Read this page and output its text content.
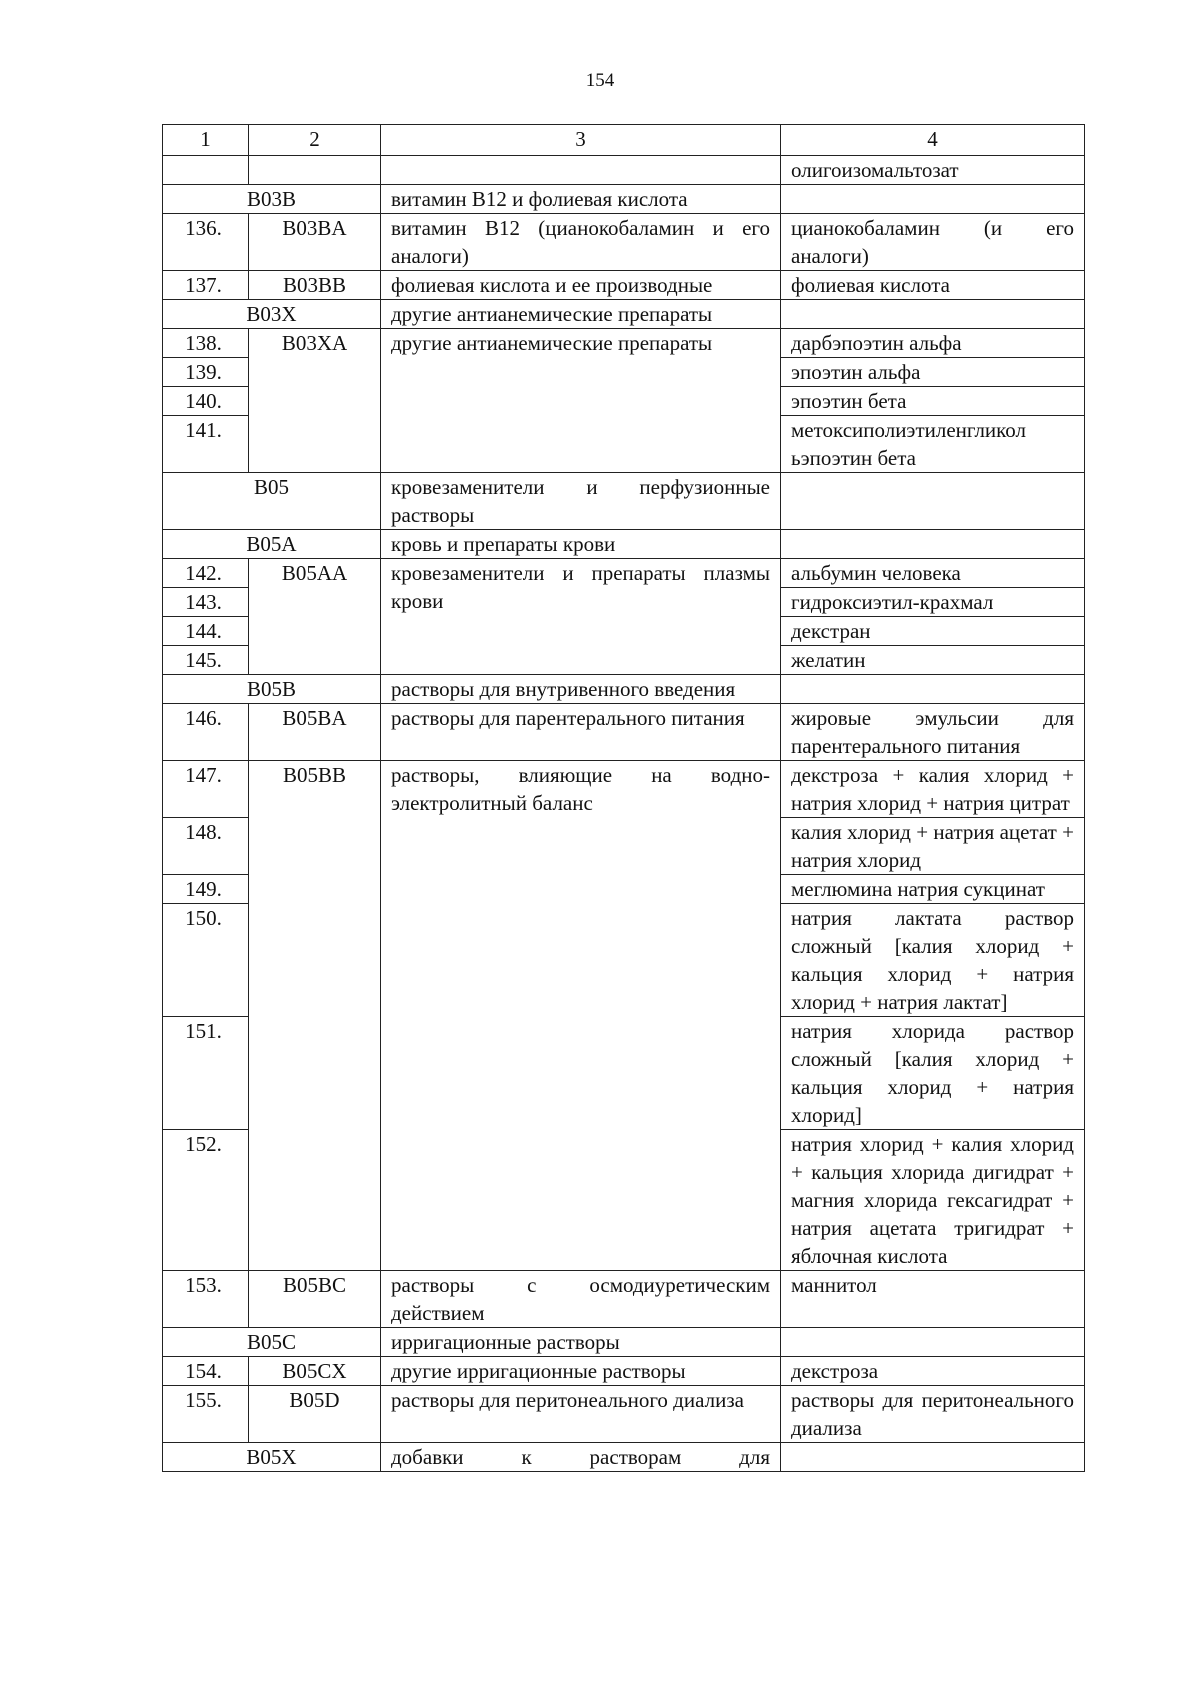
154
1	2	3	4
			олигоизомальтозат
B03B		витамин B12 и фолиевая кислота	
136.	B03BA	витамин B12 (цианокобаламин и его аналоги)	цианокобаламин (и его аналоги)
137.	B03BB	фолиевая кислота и ее производные	фолиевая кислота
B03X		другие антианемические препараты	
138.	B03XA	другие антианемические препараты	дарбэпоэтин альфа
139.			эпоэтин альфа
140.			эпоэтин бета
141.			метоксиполиэтиленгликол ьэпоэтин бета
B05		кровезаменители и перфузионные растворы	
B05A		кровь и препараты крови	
142.	B05AA	кровезаменители и препараты плазмы крови	альбумин человека
143.			гидроксиэтил-крахмал
144.			декстран
145.			желатин
B05B		растворы для внутривенного введения	
146.	B05BA	растворы для парентерального питания	жировые эмульсии для парентерального питания
147.	B05BB	растворы, влияющие на водно-электролитный баланс	декстроза + калия хлорид + натрия хлорид + натрия цитрат
148.			калия хлорид + натрия ацетат + натрия хлорид
149.			меглюмина натрия сукцинат
150.			натрия лактата раствор сложный [калия хлорид + кальция хлорид + натрия хлорид + натрия лактат]
151.			натрия хлорида раствор сложный [калия хлорид + кальция хлорид + натрия хлорид]
152.			натрия хлорид + калия хлорид + кальция хлорида дигидрат + магния хлорида гексагидрат + натрия ацетата тригидрат + яблочная кислота
153.	B05BC	растворы с осмодиуретическим действием	маннитол
B05C		ирригационные растворы	
154.	B05CX	другие ирригационные растворы	декстроза
155.	B05D	растворы для перитонеального диализа	растворы для перитонеального диализа
B05X		добавки к растворам для	
